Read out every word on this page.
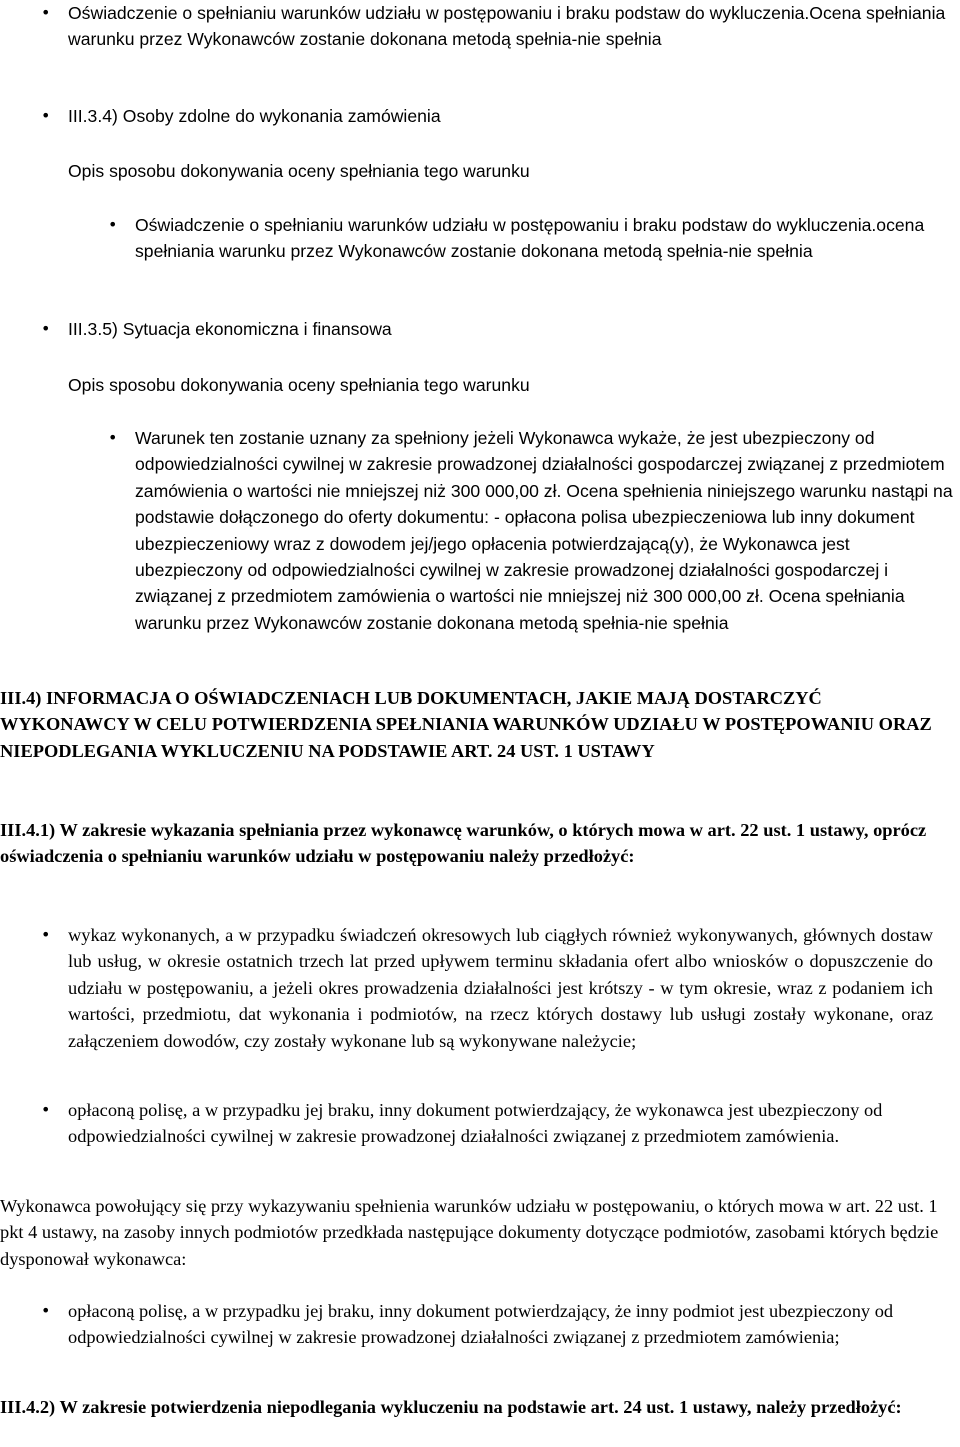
• Oświadczenie o spełnianiu warunków udziału w postępowaniu i braku podstaw do wykluczenia.Ocena spełniania warunku przez Wykonawców zostanie dokonana metodą spełnia-nie spełnia
• III.3.4) Osoby zdolne do wykonania zamówienia

Opis sposobu dokonywania oceny spełniania tego warunku

• Oświadczenie o spełnianiu warunków udziału w postępowaniu i braku podstaw do wykluczenia.ocena spełniania warunku przez Wykonawców zostanie dokonana metodą spełnia-nie spełnia
• III.3.5) Sytuacja ekonomiczna i finansowa

Opis sposobu dokonywania oceny spełniania tego warunku

• Warunek ten zostanie uznany za spełniony jeżeli Wykonawca wykaże, że jest ubezpieczony od odpowiedzialności cywilnej w zakresie prowadzonej działalności gospodarczej związanej z przedmiotem zamówienia o wartości nie mniejszej niż 300 000,00 zł. Ocena spełnienia niniejszego warunku nastąpi na podstawie dołączonego do oferty dokumentu: - opłacona polisa ubezpieczeniowa lub inny dokument ubezpieczeniowy wraz z dowodem jej/jego opłacenia potwierdzającą(y), że Wykonawca jest ubezpieczony od odpowiedzialności cywilnej w zakresie prowadzonej działalności gospodarczej i związanej z przedmiotem zamówienia o wartości nie mniejszej niż 300 000,00 zł. Ocena spełniania warunku przez Wykonawców zostanie dokonana metodą spełnia-nie spełnia

III.4) INFORMACJA O OŚWIADCZENIACH LUB DOKUMENTACH, JAKIE MAJĄ DOSTARCZYĆ WYKONAWCY W CELU POTWIERDZENIA SPEŁNIANIA WARUNKÓW UDZIAŁU W POSTĘPOWANIU ORAZ NIEPODLEGANIA WYKLUCZENIU NA PODSTAWIE ART. 24 UST. 1 USTAWY

III.4.1) W zakresie wykazania spełniania przez wykonawcę warunków, o których mowa w art. 22 ust. 1 ustawy, oprócz oświadczenia o spełnianiu warunków udziału w postępowaniu należy przedłożyć:

• wykaz wykonanych, a w przypadku świadczeń okresowych lub ciągłych również wykonywanych, głównych dostaw lub usług, w okresie ostatnich trzech lat przed upływem terminu składania ofert albo wniosków o dopuszczenie do udziału w postępowaniu, a jeżeli okres prowadzenia działalności jest krótszy - w tym okresie, wraz z podaniem ich wartości, przedmiotu, dat wykonania i podmiotów, na rzecz których dostawy lub usługi zostały wykonane, oraz załączeniem dowodów, czy zostały wykonane lub są wykonywane należycie;
• opłaconą polisę, a w przypadku jej braku, inny dokument potwierdzający, że wykonawca jest ubezpieczony od odpowiedzialności cywilnej w zakresie prowadzonej działalności związanej z przedmiotem zamówienia.

Wykonawca powołujący się przy wykazywaniu spełnienia warunków udziału w postępowaniu, o których mowa w art. 22 ust. 1 pkt 4 ustawy, na zasoby innych podmiotów przedkłada następujące dokumenty dotyczące podmiotów, zasobami których będzie dysponował wykonawca:

• opłaconą polisę, a w przypadku jej braku, inny dokument potwierdzający, że inny podmiot jest ubezpieczony od odpowiedzialności cywilnej w zakresie prowadzonej działalności związanej z przedmiotem zamówienia;

III.4.2) W zakresie potwierdzenia niepodlegania wykluczeniu na podstawie art. 24 ust. 1 ustawy, należy przedłożyć:
